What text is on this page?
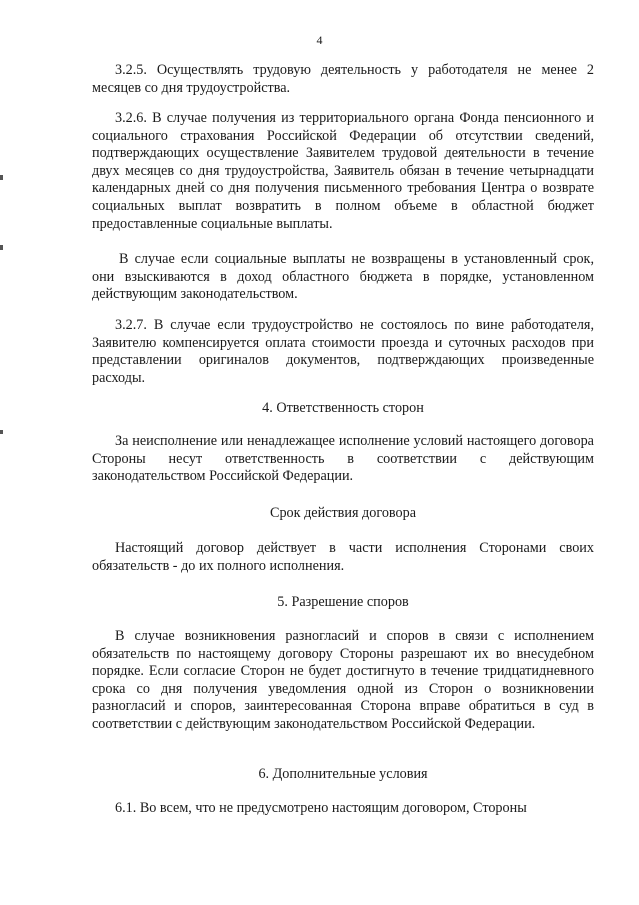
4

3.2.5. Осуществлять трудовую деятельность у работодателя не менее 2 месяцев со дня трудоустройства.

3.2.6. В случае получения из территориального органа Фонда пенсионного и социального страхования Российской Федерации об отсутствии сведений, подтверждающих осуществление Заявителем трудовой деятельности в течение двух месяцев со дня трудоустройства, Заявитель обязан в течение четырнадцати календарных дней со дня получения письменного требования Центра о возврате социальных выплат возвратить в полном объеме в областной бюджет предоставленные социальные выплаты.

В случае если социальные выплаты не возвращены в установленный срок, они взыскиваются в доход областного бюджета в порядке, установленном действующим законодательством.

3.2.7. В случае если трудоустройство не состоялось по вине работодателя, Заявителю компенсируется оплата стоимости проезда и суточных расходов при представлении оригиналов документов, подтверждающих произведенные расходы.

4. Ответственность сторон

За неисполнение или ненадлежащее исполнение условий настоящего договора Стороны несут ответственность в соответствии с действующим законодательством Российской Федерации.

Срок действия договора

Настоящий договор действует в части исполнения Сторонами своих обязательств - до их полного исполнения.

5. Разрешение споров

В случае возникновения разногласий и споров в связи с исполнением обязательств по настоящему договору Стороны разрешают их во внесудебном порядке. Если согласие Сторон не будет достигнуто в течение тридцатидневного срока со дня получения уведомления одной из Сторон о возникновении разногласий и споров, заинтересованная Сторона вправе обратиться в суд в соответствии с действующим законодательством Российской Федерации.

6. Дополнительные условия

6.1. Во всем, что не предусмотрено настоящим договором, Стороны
